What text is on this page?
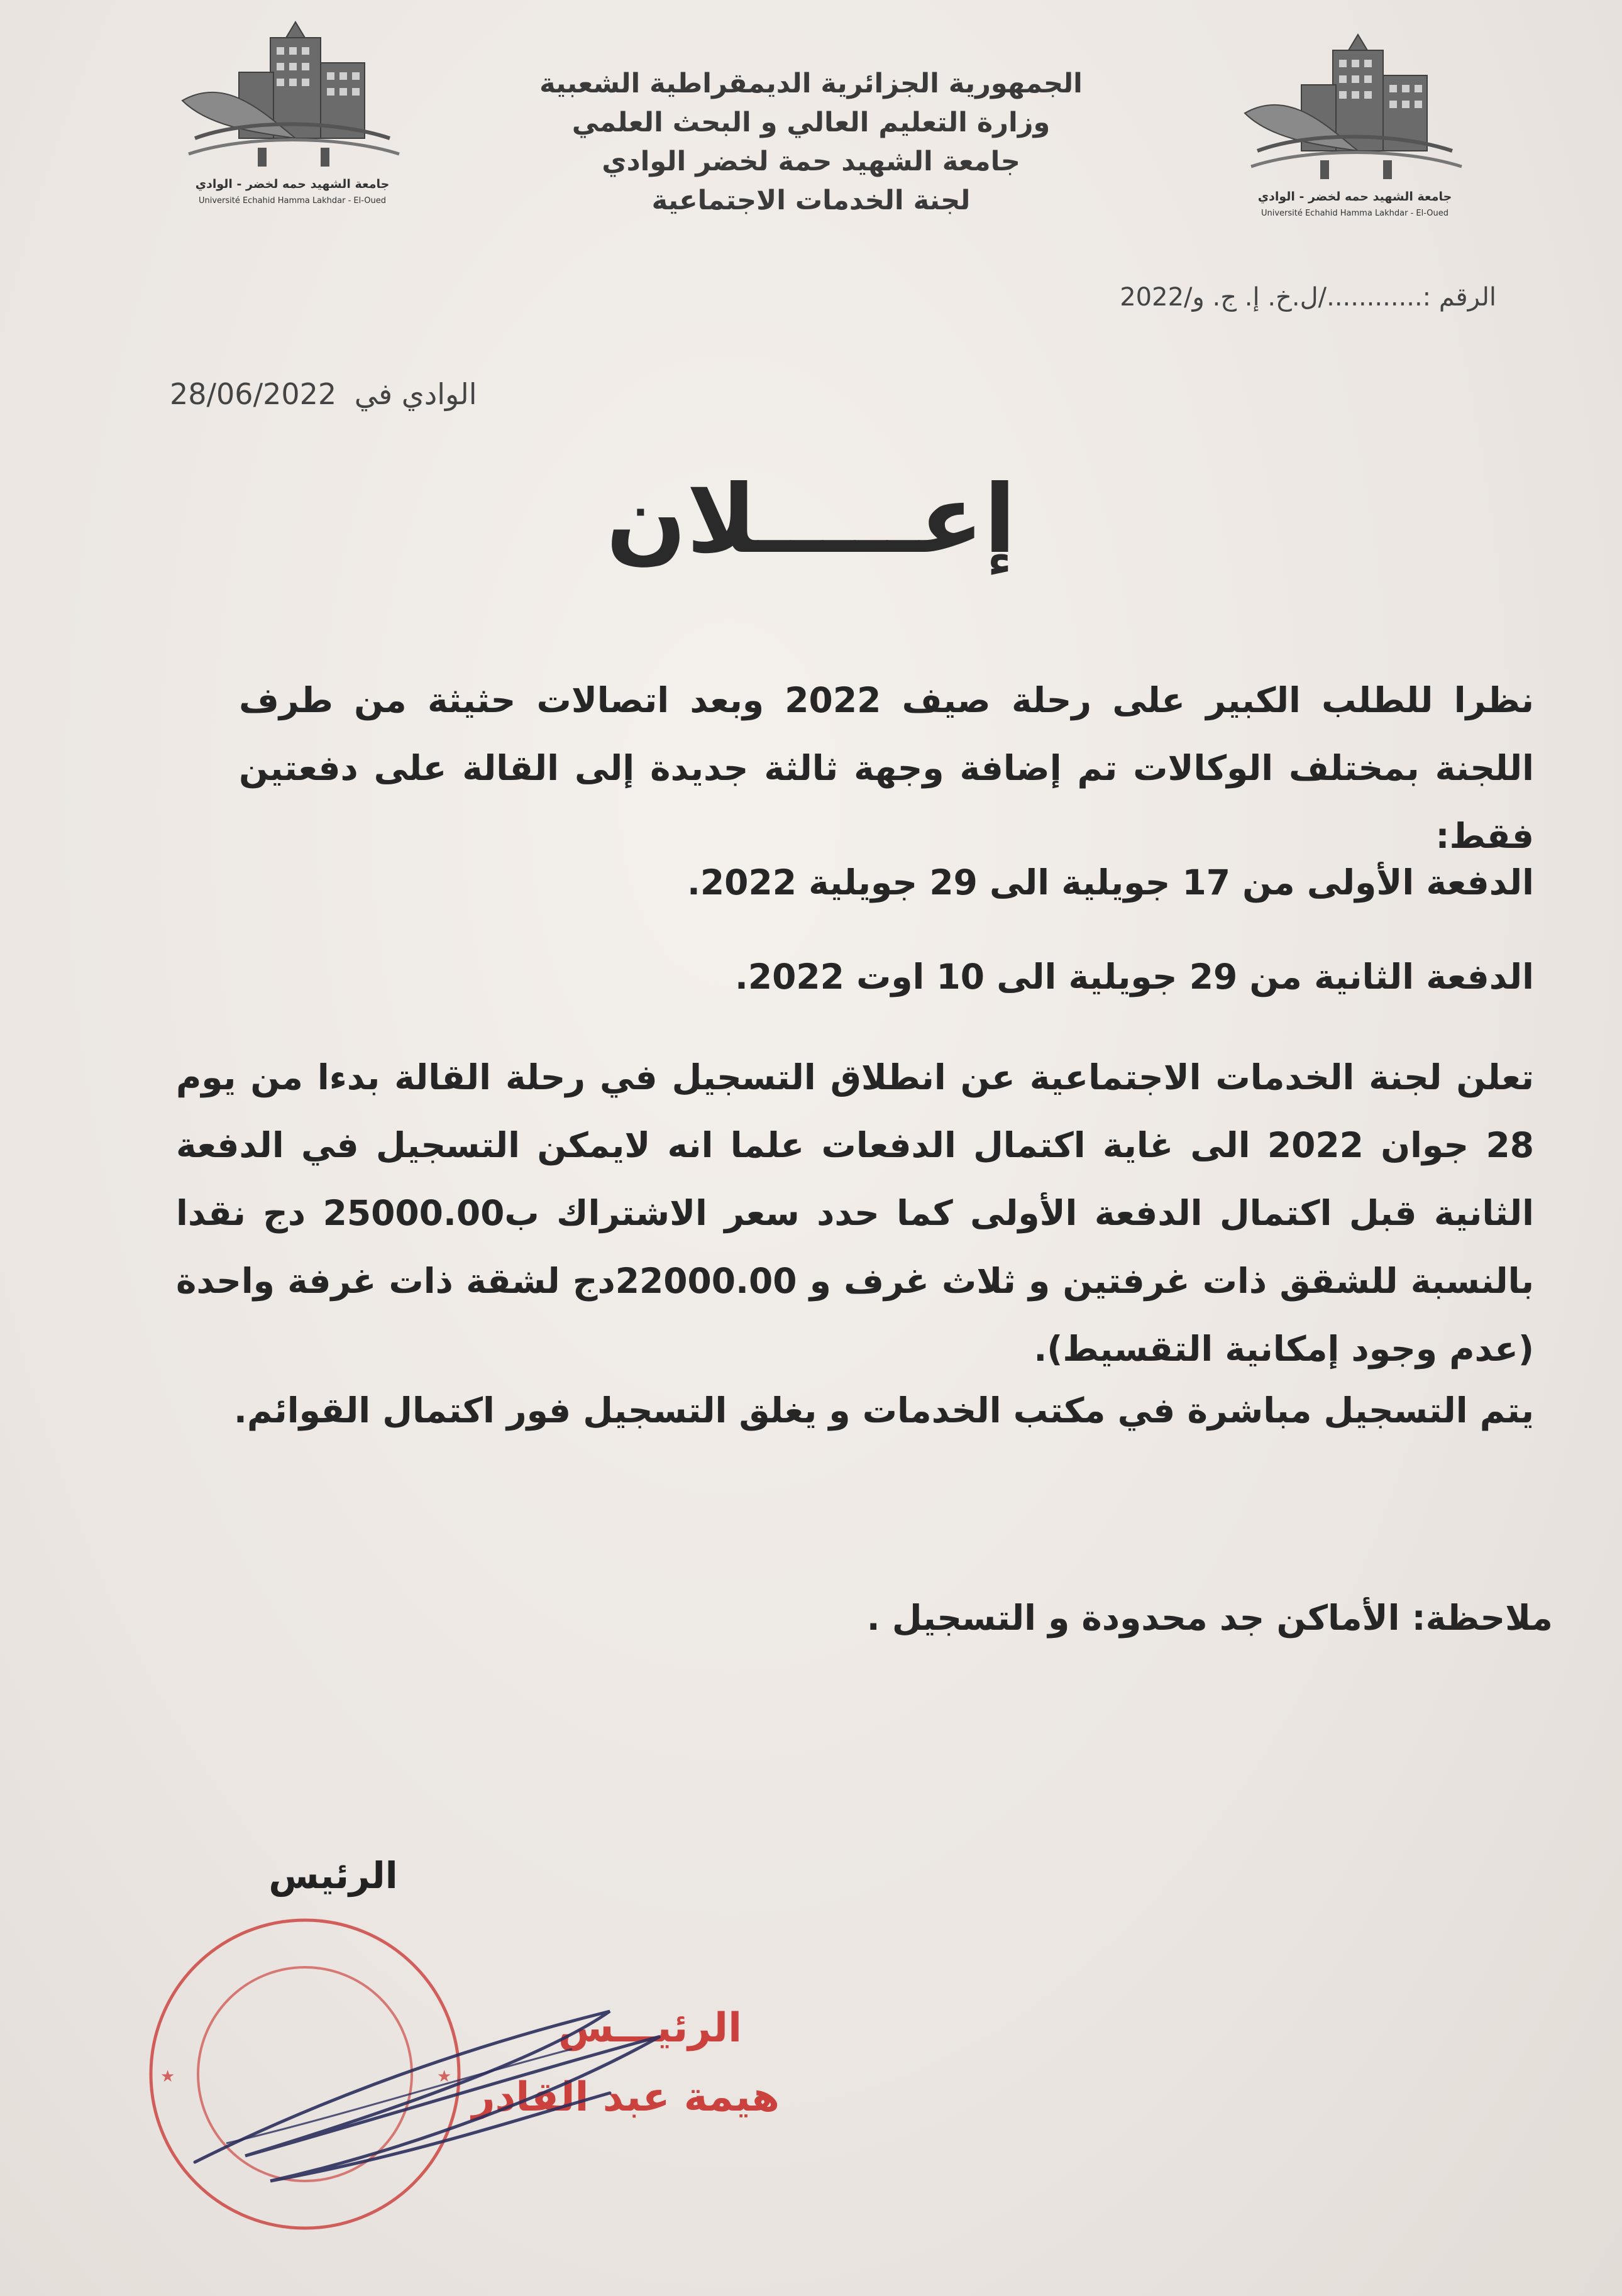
جامعة الشهيد حمه لخضر - الوادي
Université Echahid Hamma Lakhdar - El-Oued	جامعة الشهيد حمه لخضر - الوادي
Université Echahid Hamma Lakhdar - El-Oued
الجمهورية الجزائرية الديمقراطية الشعبية
وزارة التعليم العالي و البحث العلمي
جامعة الشهيد حمة لخضر الوادي
لجنة الخدمات الاجتماعية
الرقم :............/ل.خ. إ. ج. و/2022
28/06/2022 الوادي في
إعـــــلان

نظرا للطلب الكبير على رحلة صيف 2022 وبعد اتصالات حثيثة من طرف اللجنة بمختلف الوكالات تم إضافة وجهة ثالثة جديدة إلى القالة على دفعتين فقط:

الدفعة الأولى من 17 جويلية الى 29 جويلية 2022.

الدفعة الثانية من 29 جويلية الى 10 اوت 2022.

تعلن لجنة الخدمات الاجتماعية عن انطلاق التسجيل في رحلة القالة بدءا من يوم 28 جوان 2022 الى غاية اكتمال الدفعات علما انه لايمكن التسجيل في الدفعة الثانية قبل اكتمال الدفعة الأولى كما حدد سعر الاشتراك ب25000.00 دج نقدا بالنسبة للشقق ذات غرفتين و ثلاث غرف و 22000.00دج لشقة ذات غرفة واحدة (عدم وجود إمكانية التقسيط).

يتم التسجيل مباشرة في مكتب الخدمات و يغلق التسجيل فور اكتمال القوائم.

ملاحظة: الأماكن جد محدودة و التسجيل .

الرئيس
★	★
الرئيـــس
هيمة عبد القادر
